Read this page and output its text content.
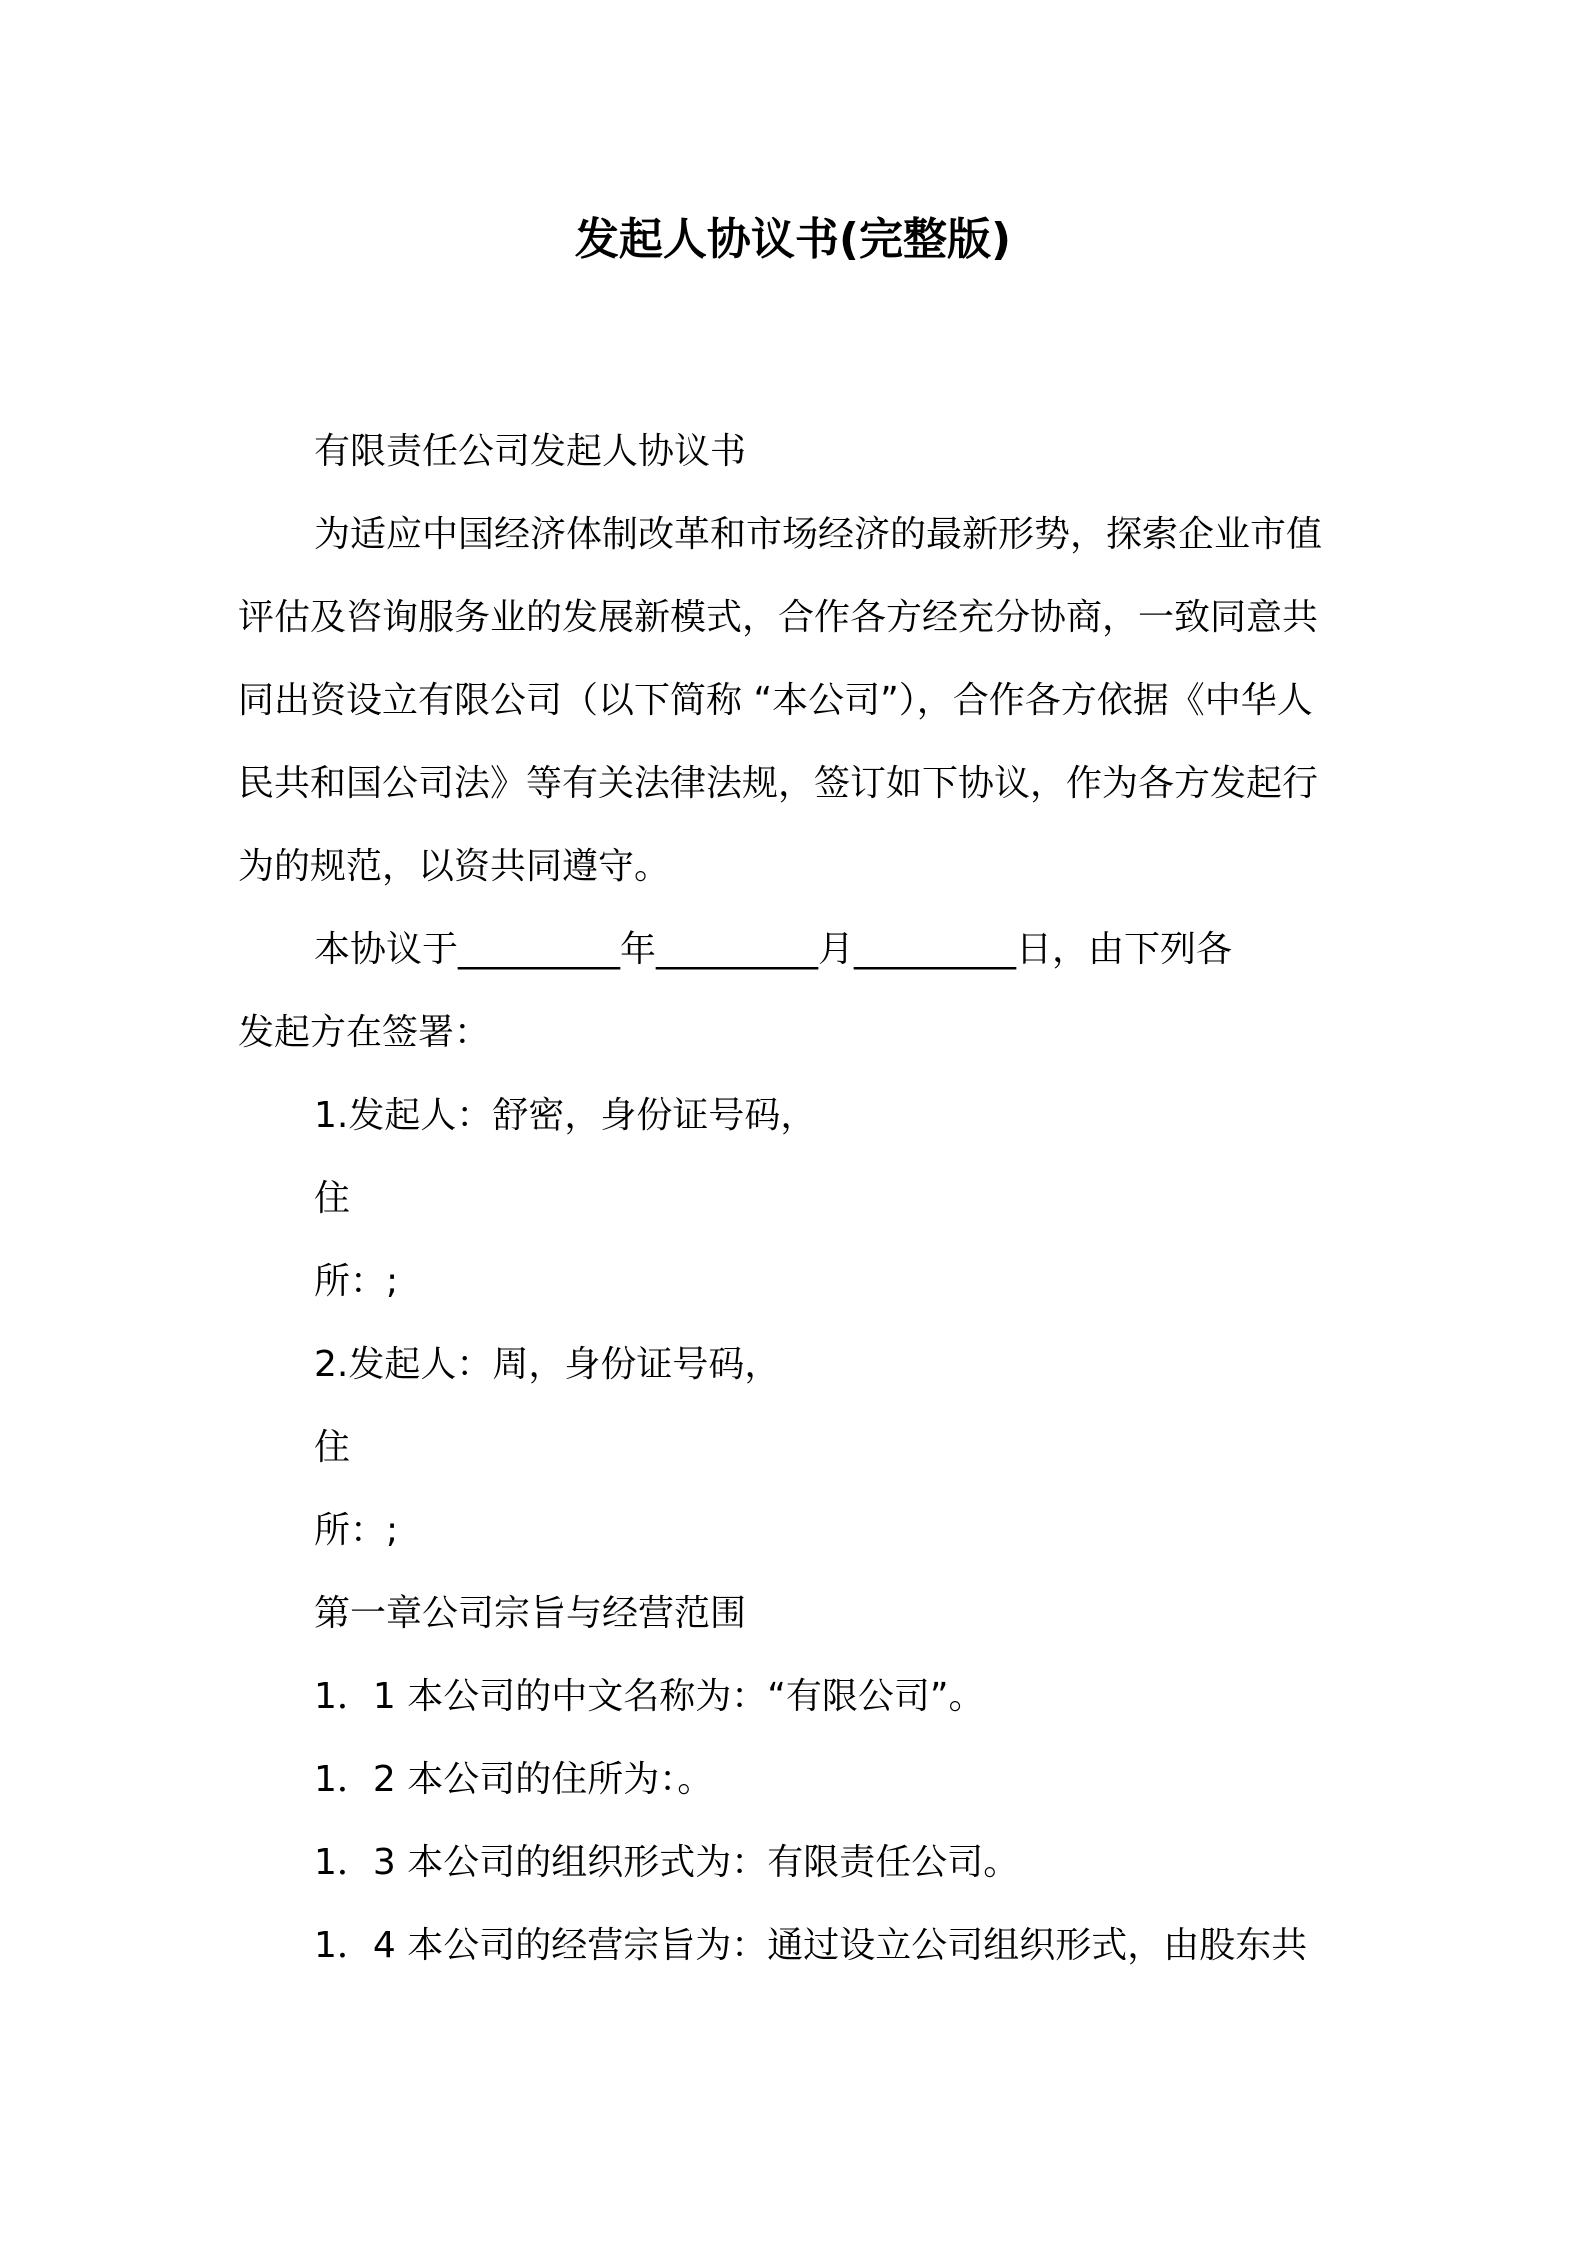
发起人协议书(完整版)
有限责任公司发起人协议书
为适应中国经济体制改革和市场经济的最新形势，探索企业市值
评估及咨询服务业的发展新模式，合作各方经充分协商，一致同意共
同出资设立有限公司（以下简称 “本公司”），合作各方依据《中华人
民共和国公司法》等有关法律法规，签订如下协议，作为各方发起行
为的规范，以资共同遵守。
本协议于_________年_________月_________日，由下列各
发起方在签署：
1.发起人：舒密，身份证号码，
住
所：;
2.发起人：周，身份证号码，
住
所：;
第一章公司宗旨与经营范围
1．1 本公司的中文名称为：“有限公司”。
1．2 本公司的住所为：。
1．3 本公司的组织形式为：有限责任公司。
1．4 本公司的经营宗旨为：通过设立公司组织形式，由股东共
